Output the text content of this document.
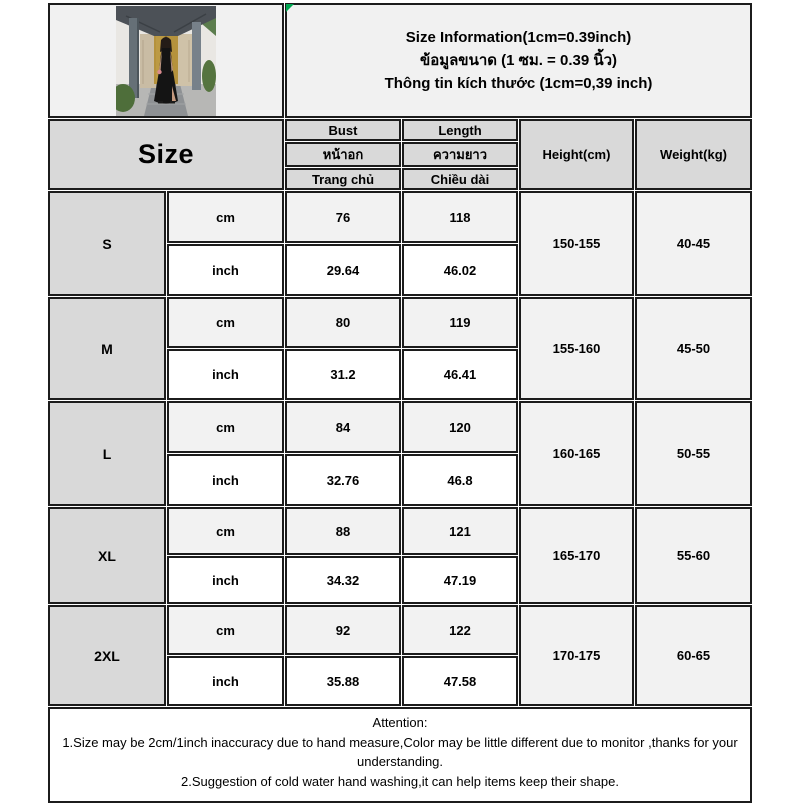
Size Information(1cm=0.39inch)
ข้อมูลขนาด (1 ซม. = 0.39 นิ้ว)
Thông tin kích thước (1cm=0,39 inch)			

Size		Bust	Length	Height(cm)	Weight(kg)
		หน้าอก	ความยาว		
		Trang chủ	Chiều dài		
S	cm	76	118	150-155	40-45
	inch	29.64	46.02		
M	cm	80	119	155-160	45-50
	inch	31.2	46.41		
L	cm	84	120	160-165	50-55
	inch	32.76	46.8		
XL	cm	88	121	165-170	55-60
	inch	34.32	47.19		
2XL	cm	92	122	170-175	60-65
	inch	35.88	47.58		

Attention:
1.Size may be 2cm/1inch inaccuracy due to hand measure,Color may be little different due to monitor ,thanks for your understanding.
2.Suggestion of cold water hand washing,it can help items keep their shape.					
